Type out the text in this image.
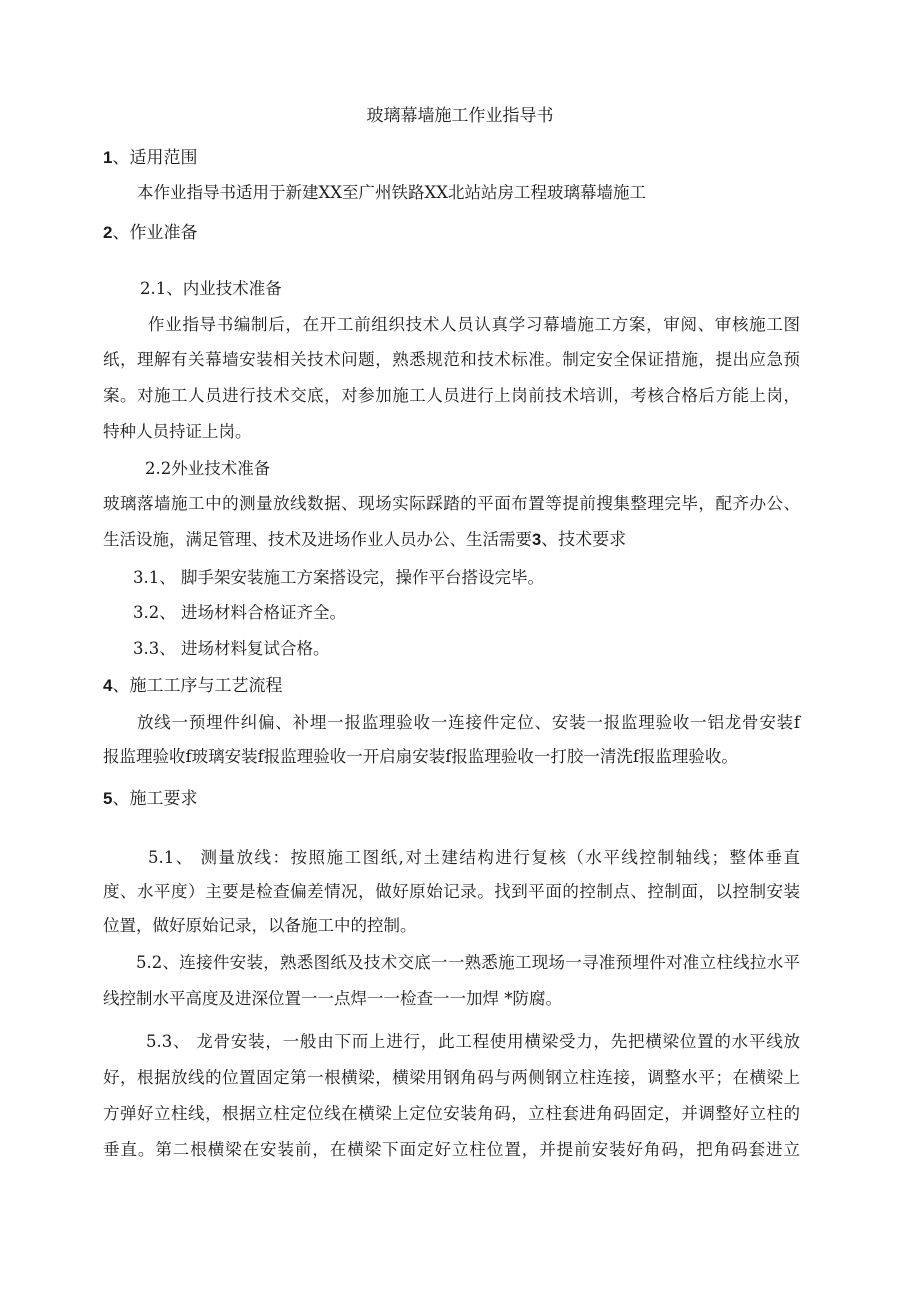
玻璃幕墙施工作业指导书
1、适用范围
本作业指导书适用于新建XX至广州铁路XX北站站房工程玻璃幕墙施工
2、作业准备
2.1、内业技术准备
作业指导书编制后，在开工前组织技术人员认真学习幕墙施工方案，审阅、审核施工图
纸，理解有关幕墙安装相关技术问题，熟悉规范和技术标准。制定安全保证措施，提出应急预
案。对施工人员进行技术交底，对参加施工人员进行上岗前技术培训，考核合格后方能上岗，
特种人员持证上岗。
2.2外业技术准备
玻璃落墙施工中的测量放线数据、现场实际踩踏的平面布置等提前搜集整理完毕，配齐办公、
生活设施，满足管理、技术及进场作业人员办公、生活需要3、技术要求
3.1、 脚手架安装施工方案搭设完，操作平台搭设完毕。
3.2、 进场材料合格证齐全。
3.3、 进场材料复试合格。
4、施工工序与工艺流程
放线一预埋件纠偏、补埋一报监理验收一连接件定位、安装一报监理验收一铝龙骨安装f
报监理验收f玻璃安装f报监理验收一开启扇安装f报监理验收一打胶一清洗f报监理验收。
5、施工要求
5.1、 测量放线：按照施工图纸,对土建结构进行复核（水平线控制轴线；整体垂直
度、水平度）主要是检查偏差情况，做好原始记录。找到平面的控制点、控制面，以控制安装
位置，做好原始记录，以备施工中的控制。
5.2、连接件安装，熟悉图纸及技术交底一一熟悉施工现场一寻准预埋件对准立柱线拉水平
线控制水平高度及进深位置一一点焊一一检查一一加焊 *防腐。
5.3、 龙骨安装，一般由下而上进行，此工程使用横梁受力，先把横梁位置的水平线放
好，根据放线的位置固定第一根横梁，横梁用钢角码与两侧钢立柱连接，调整水平；在横梁上
方弹好立柱线，根据立柱定位线在横梁上定位安装角码，立柱套进角码固定，并调整好立柱的
垂直。第二根横梁在安装前，在横梁下面定好立柱位置，并提前安装好角码，把角码套进立
